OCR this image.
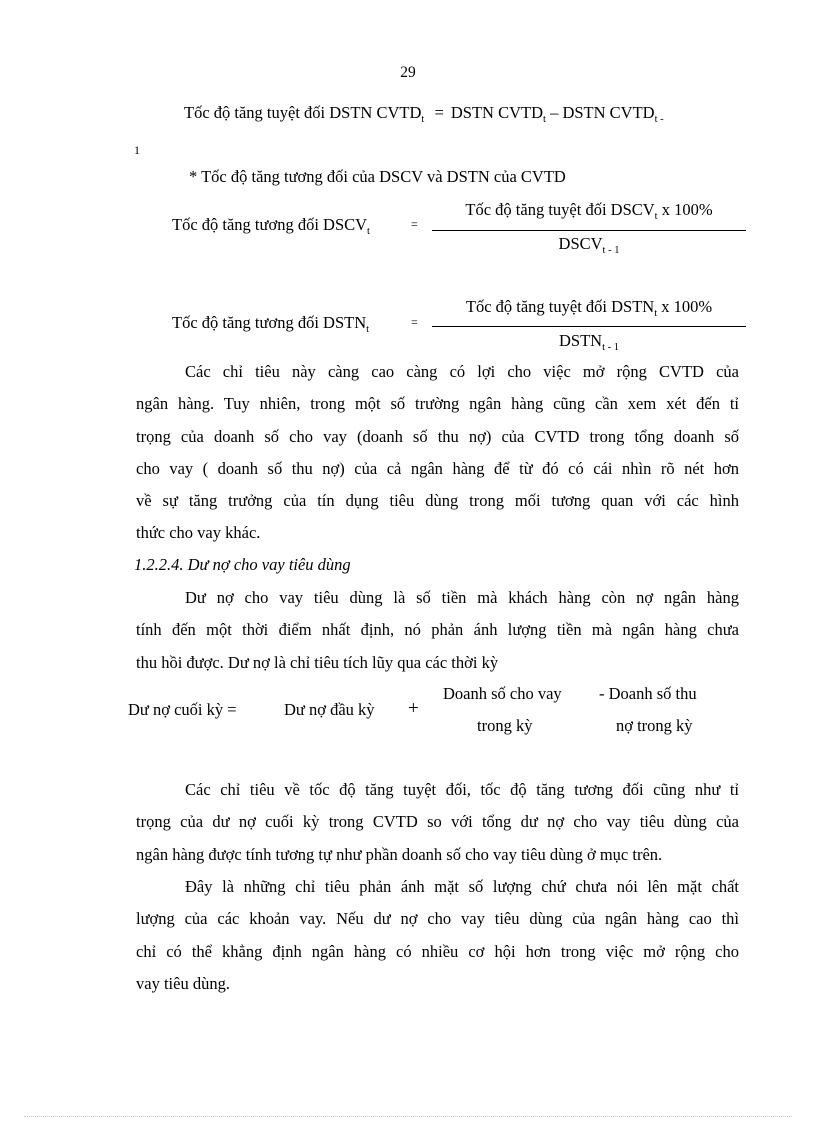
29
Tốc độ tăng tuyệt đối DSTN $CVTD_t$ = DSTN $CVTD_t$ – DSTN $CVTD_{t -}$
1
* Tốc độ tăng tương đối của DSCV và DSTN của CVTD
Tốc độ tăng tương đối $DSCV_t$
=
Tốc độ tăng tuyệt đối $DSCV_t$ x 100%
$DSCV_{t - 1}$
Tốc độ tăng tương đối $DSTN_t$
=
Tốc độ tăng tuyệt đối $DSTN_t$ x 100%
$DSTN_{t - 1}$
Các chỉ tiêu này càng cao càng có lợi cho việc mở rộng CVTD của
ngân hàng. Tuy nhiên, trong một số trường ngân hàng cũng cần xem xét đến tỉ
trọng của doanh số cho vay (doanh số thu nợ) của CVTD trong tổng doanh số
cho vay ( doanh số thu nợ) của cả ngân hàng để từ đó có cái nhìn rõ nét hơn
về sự tăng trưởng của tín dụng tiêu dùng trong mối tương quan với các hình
thức cho vay khác.
1.2.2.4. Dư nợ cho vay tiêu dùng
Dư nợ cho vay tiêu dùng là số tiền mà khách hàng còn nợ ngân hàng
tính đến một thời điểm nhất định, nó phản ánh lượng tiền mà ngân hàng chưa
thu hồi được. Dư nợ là chỉ tiêu tích lũy qua các thời kỳ
Dư nợ cuối kỳ =	Dư nợ đầu kỳ +
Doanh số cho vay
trong kỳ
- Doanh số thu
nợ trong kỳ
Các chỉ tiêu về tốc độ tăng tuyệt đối, tốc độ tăng tương đối cũng như tỉ
trọng của dư nợ cuối kỳ trong CVTD so với tổng dư nợ cho vay tiêu dùng của
ngân hàng được tính tương tự như phần doanh số cho vay tiêu dùng ở mục trên.
Đây là những chỉ tiêu phản ánh mặt số lượng chứ chưa nói lên mặt chất
lượng của các khoản vay. Nếu dư nợ cho vay tiêu dùng của ngân hàng cao thì
chỉ có thể khẳng định ngân hàng có nhiều cơ hội hơn trong việc mở rộng cho
vay tiêu dùng.
